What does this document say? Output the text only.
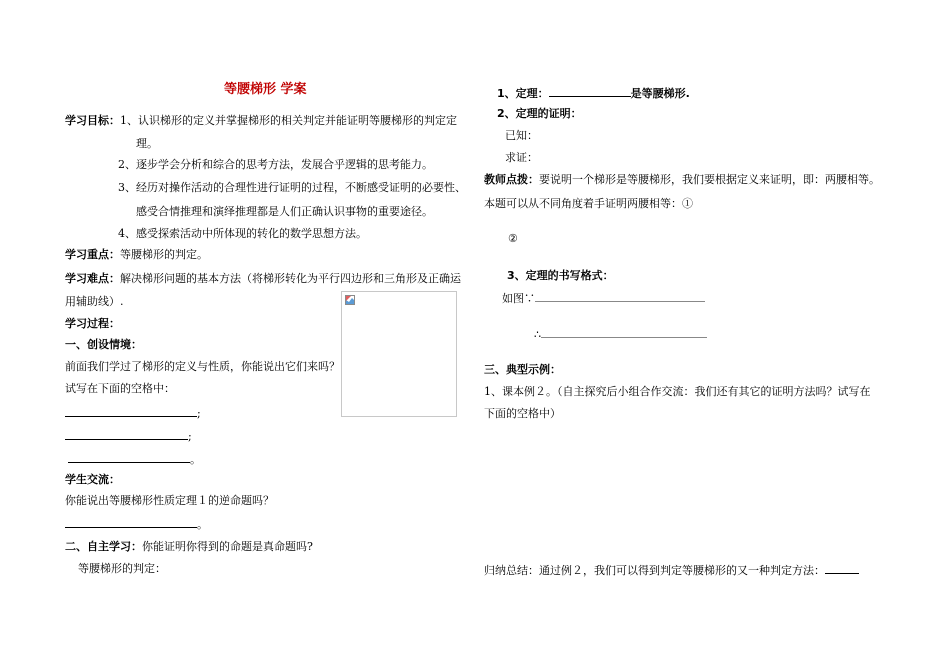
等腰梯形 学案
学习目标：1、认识梯形的定义并掌握梯形的相关判定并能证明等腰梯形的判定定
理。
2、逐步学会分析和综合的思考方法，发展合乎逻辑的思考能力。
3、经历对操作活动的合理性进行证明的过程，不断感受证明的必要性、
感受合情推理和演绎推理都是人们正确认识事物的重要途径。
4、感受探索活动中所体现的转化的数学思想方法。
学习重点：等腰梯形的判定。
学习难点：解决梯形问题的基本方法（将梯形转化为平行四边形和三角形及正确运
用辅助线）.
学习过程：
一、创设情境：
前面我们学过了梯形的定义与性质，你能说出它们来吗？
试写在下面的空格中：
;
;
。
学生交流：
你能说出等腰梯形性质定理１的逆命题吗？
。
二、自主学习：你能证明你得到的命题是真命题吗?
等腰梯形的判定：
1、定理：	是等腰梯形.
2、定理的证明：
已知：
求证：
教师点拨：要说明一个梯形是等腰梯形，我们要根据定义来证明，即：两腰相等。
本题可以从不同角度着手证明两腰相等：①
②
3、定理的书写格式：
如图∵
∴
三、典型示例：
1、课本例２。（自主探究后小组合作交流：我们还有其它的证明方法吗？试写在
下面的空格中）
归纳总结：通过例２，我们可以得到判定等腰梯形的又一种判定方法：
